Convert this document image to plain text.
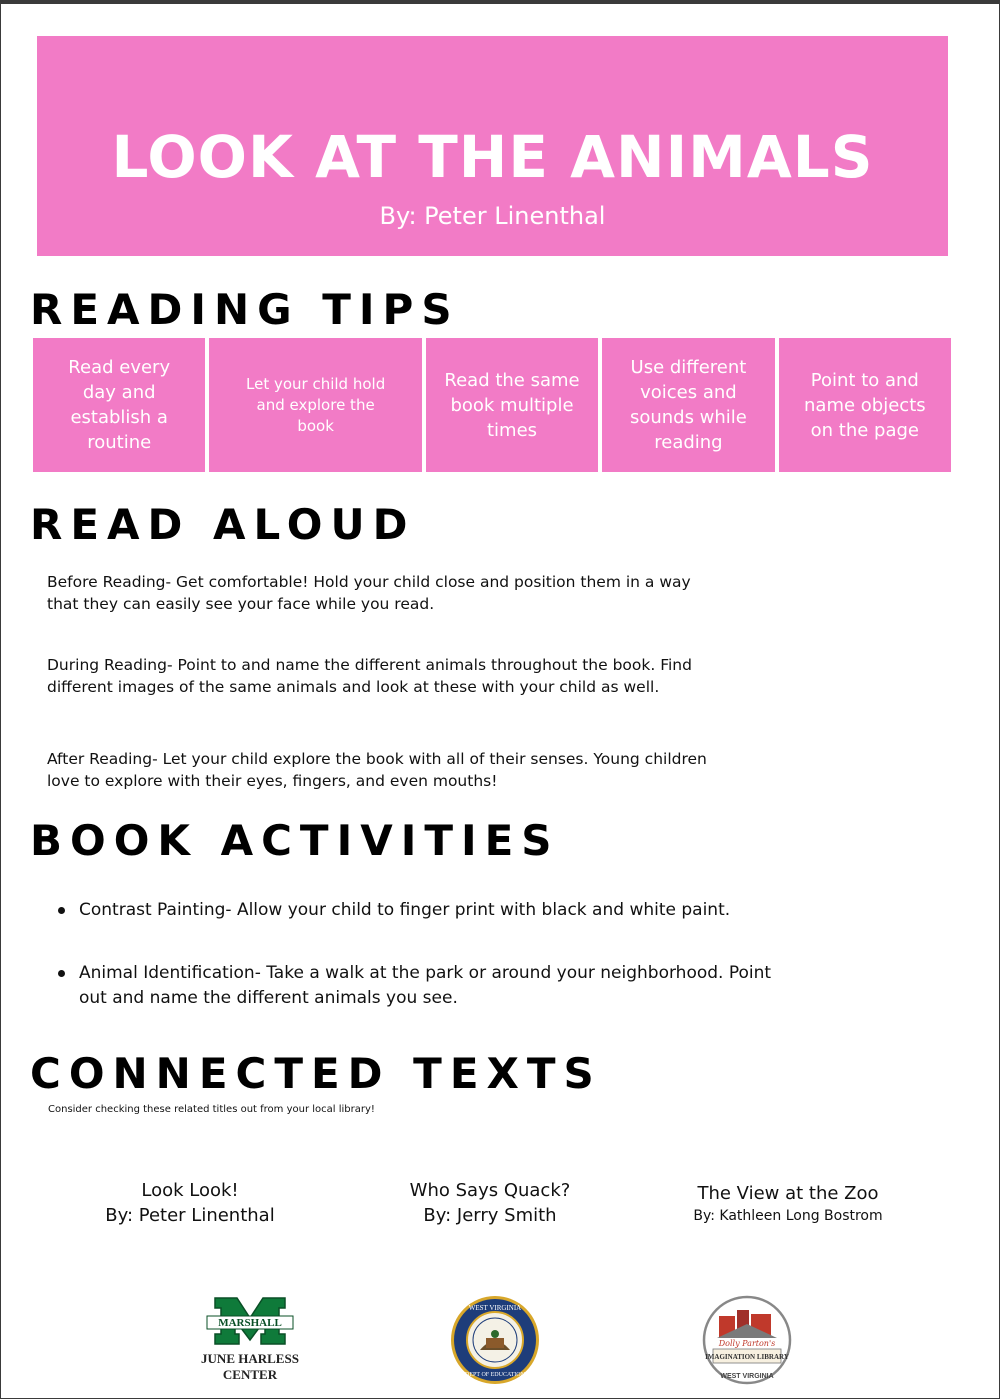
LOOK AT THE ANIMALS
By: Peter Linenthal
READING TIPS
Read every day and establish a routine
Let your child hold and explore the book
Read the same book multiple times
Use different voices and sounds while reading
Point to and name objects on the page
READ ALOUD
Before Reading- Get comfortable! Hold your child close and position them in a way that they can easily see your face while you read.
During Reading- Point to and name the different animals throughout the book. Find different images of the same animals and look at these with your child as well.
After Reading- Let your child explore the book with all of their senses. Young children love to explore with their eyes, fingers, and even mouths!
BOOK ACTIVITIES
Contrast Painting- Allow your child to finger print with black and white paint.
Animal Identification- Take a walk at the park or around your neighborhood. Point out and name the different animals you see.
CONNECTED TEXTS
Consider checking these related titles out from your local library!
Look Look!
By: Peter Linenthal
Who Says Quack?
By: Jerry Smith
The View at the Zoo
By: Kathleen Long Bostrom
MARSHALL
JUNE HARLESS
CENTER
WEST VIRGINIA
DEPT OF EDUCATION
Dolly Parton's
IMAGINATION LIBRARY
WEST VIRGINIA
